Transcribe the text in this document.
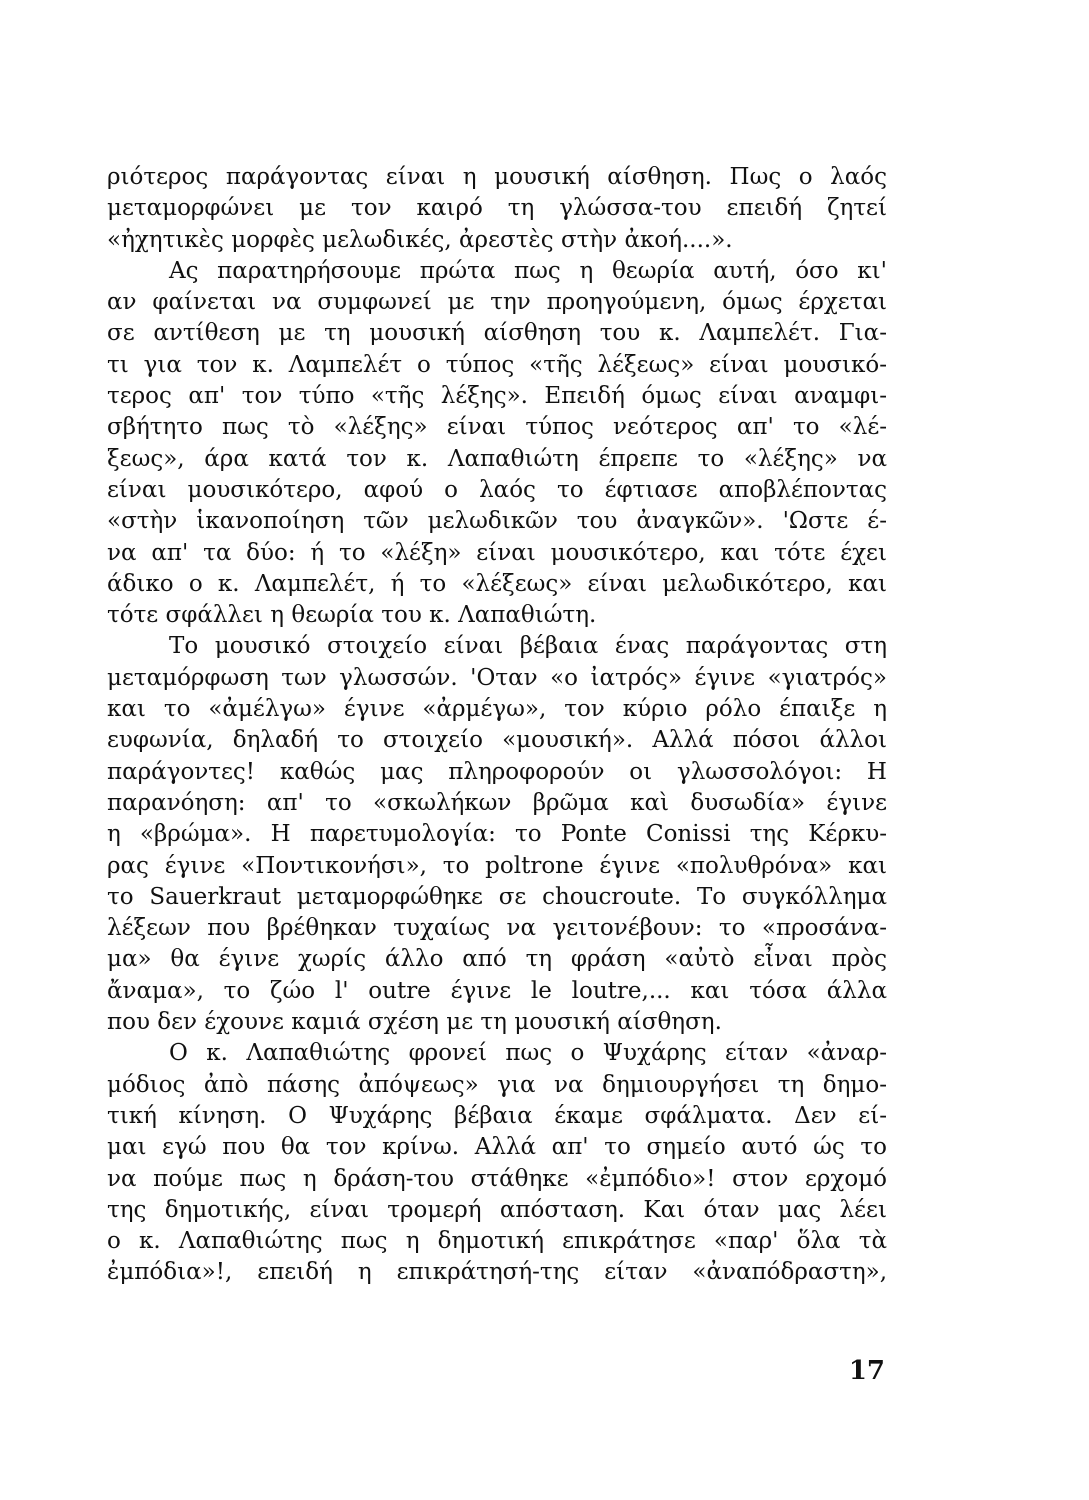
ριότερος παράγοντας είναι η μουσική αίσθηση. Πως ο λαός
μεταμορφώνει με τον καιρό τη γλώσσα-του επειδή ζητεί
«ἠχητικὲς μορφὲς μελωδικές, ἀρεστὲς στὴν ἀκοή....».
Ας παρατηρήσουμε πρώτα πως η θεωρία αυτή, όσο κι'
αν φαίνεται να συμφωνεί με την προηγούμενη, όμως έρχεται
σε αντίθεση με τη μουσική αίσθηση του κ. Λαμπελέτ. Για-
τι για τον κ. Λαμπελέτ ο τύπος «τῆς λέξεως» είναι μουσικό-
τερος απ' τον τύπο «τῆς λέξης». Επειδή όμως είναι αναμφι-
σβήτητο πως τὸ «λέξης» είναι τύπος νεότερος απ' το «λέ-
ξεως», άρα κατά τον κ. Λαπαθιώτη έπρεπε το «λέξης» να
είναι μουσικότερο, αφού ο λαός το έφτιασε αποβλέποντας
«στὴν ἱκανοποίηση τῶν μελωδικῶν του ἀναγκῶν». 'Ωστε έ-
να απ' τα δύο: ή το «λέξη» είναι μουσικότερο, και τότε έχει
άδικο ο κ. Λαμπελέτ, ή το «λέξεως» είναι μελωδικότερο, και
τότε σφάλλει η θεωρία του κ. Λαπαθιώτη.
Το μουσικό στοιχείο είναι βέβαια ένας παράγοντας στη
μεταμόρφωση των γλωσσών. 'Οταν «ο ἰατρός» έγινε «γιατρός»
και το «ἀμέλγω» έγινε «ἀρμέγω», τον κύριο ρόλο έπαιξε η
ευφωνία, δηλαδή το στοιχείο «μουσική». Αλλά πόσοι άλλοι
παράγοντες! καθώς μας πληροφορούν οι γλωσσολόγοι: Η
παρανόηση: απ' το «σκωλήκων βρῶμα καὶ δυσωδία» έγινε
η «βρώμα». Η παρετυμολογία: το Ponte Conissi της Κέρκυ-
ρας έγινε «Ποντικονήσι», το poltrone έγινε «πολυθρόνα» και
το Sauerkraut μεταμορφώθηκε σε choucroute. Το συγκόλλημα
λέξεων που βρέθηκαν τυχαίως να γειτονέβουν: το «προσάνα-
μα» θα έγινε χωρίς άλλο από τη φράση «αὐτὸ εἶναι πρὸς
ἄναμα», το ζώο l' outre έγινε le loutre,... και τόσα άλλα
που δεν έχουνε καμιά σχέση με τη μουσική αίσθηση.
Ο κ. Λαπαθιώτης φρονεί πως ο Ψυχάρης είταν «ἀναρ-
μόδιος ἀπὸ πάσης ἀπόψεως» για να δημιουργήσει τη δημο-
τική κίνηση. Ο Ψυχάρης βέβαια έκαμε σφάλματα. Δεν εί-
μαι εγώ που θα τον κρίνω. Αλλά απ' το σημείο αυτό ώς το
να πούμε πως η δράση-του στάθηκε «ἐμπόδιο»! στον ερχομό
της δημοτικής, είναι τρομερή απόσταση. Και όταν μας λέει
ο κ. Λαπαθιώτης πως η δημοτική επικράτησε «παρ' ὅλα τὰ
ἐμπόδια»!, επειδή η επικράτησή-της είταν «ἀναπόδραστη»,
17
